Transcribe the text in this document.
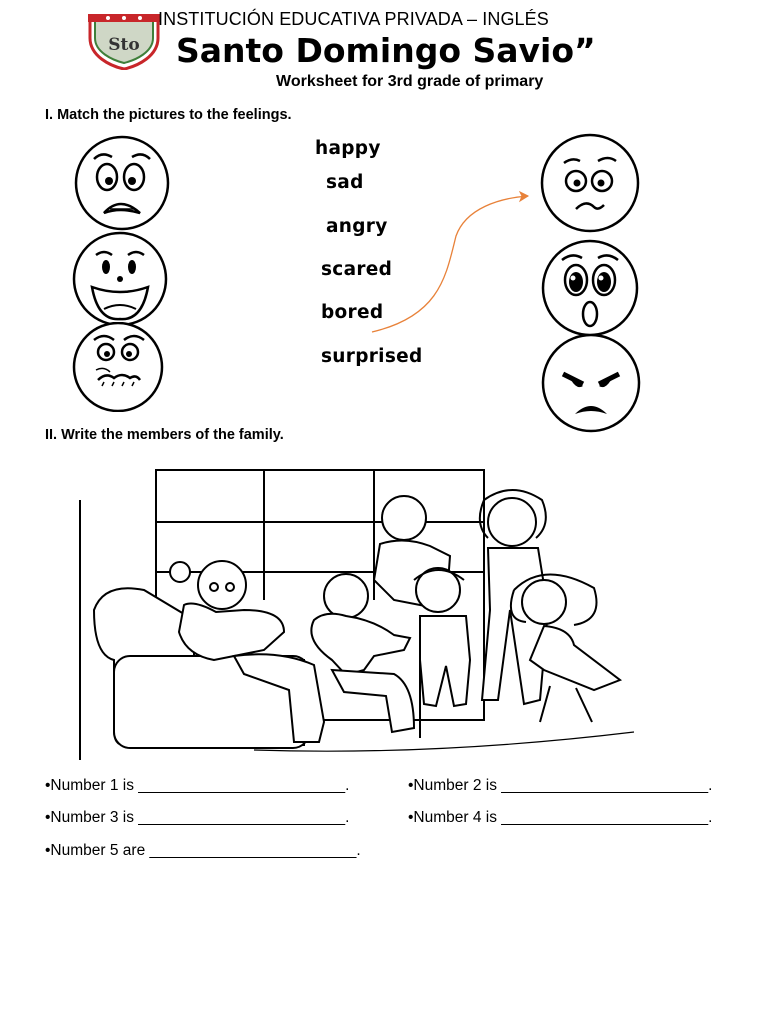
Sto
INSTITUCIÓN EDUCATIVA PRIVADA – INGLÉS
Santo Domingo Savio”
Worksheet for 3rd grade of primary
I. Match the pictures to the feelings.
happy
sad
angry
scared
bored
surprised
II. Write the members of the family.
•Number 1 is ________________________.	•Number 2 is ________________________.
•Number 3 is ________________________.	•Number 4 is ________________________.
•Number 5 are ________________________.
